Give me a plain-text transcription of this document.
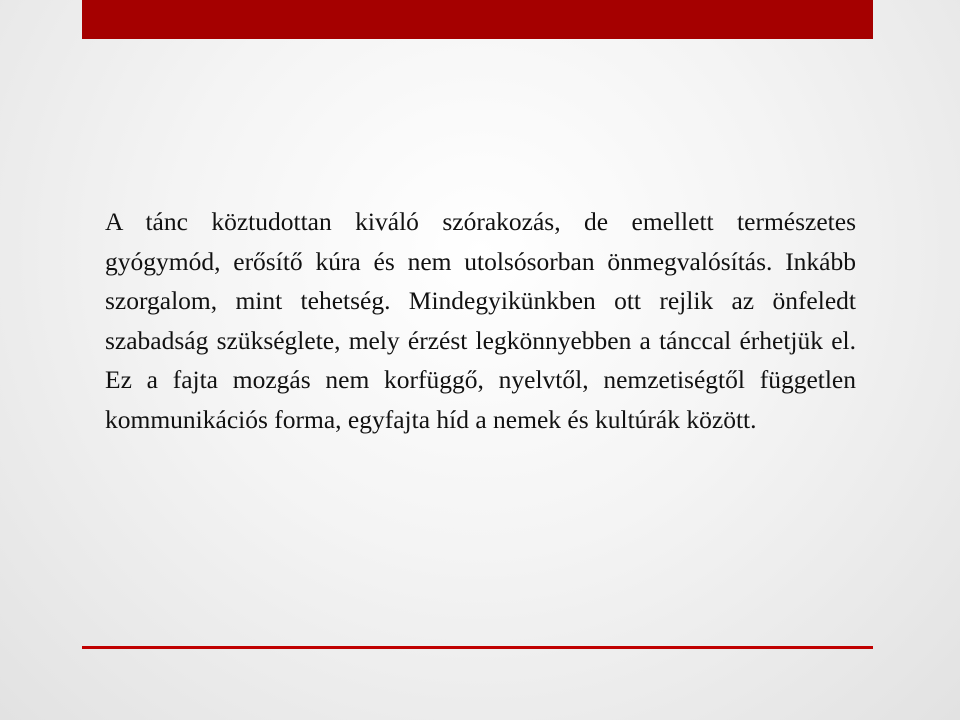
A tánc köztudottan kiváló szórakozás, de emellett természetes gyógymód, erősítő kúra és nem utolsósorban önmegvalósítás. Inkább szorgalom, mint tehetség. Mindegyikünkben ott rejlik az önfeledt szabadság szükséglete, mely érzést legkönnyebben a tánccal érhetjük el. Ez a fajta mozgás nem korfüggő, nyelvtől, nemzetiségtől független kommunikációs forma, egyfajta híd a nemek és kultúrák között.
